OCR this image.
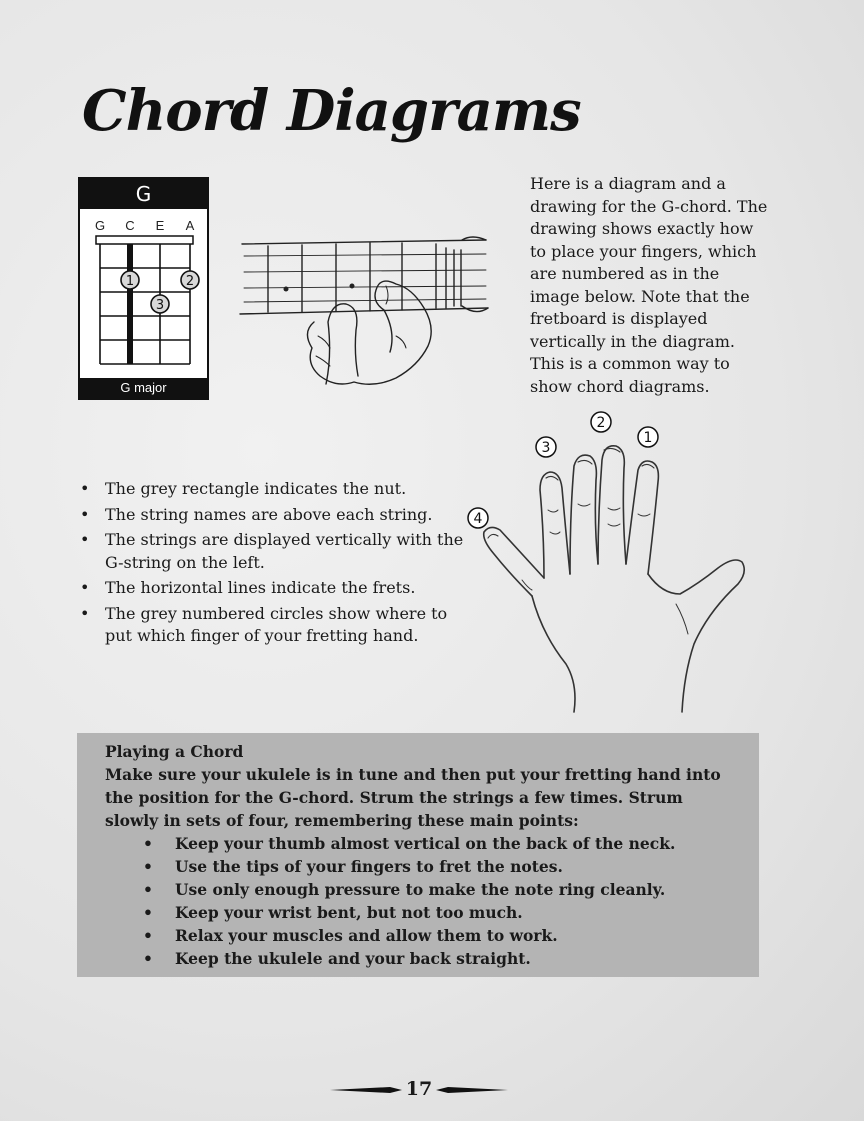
Chord Diagrams
G
G C E A
1	2
3
G major

Here is a diagram and a drawing for the G-chord. The drawing shows exactly how to place your fingers, which are numbered as in the image below. Note that the fretboard is displayed vertically in the diagram. This is a common way to show chord diagrams.

1
2
3
4
• The grey rectangle indicates the nut.
• The string names are above each string.
• The strings are displayed vertically with the G-string on the left.
• The horizontal lines indicate the frets.
• The grey numbered circles show where to put which finger of your fretting hand.

Playing a Chord

Make sure your ukulele is in tune and then put your fretting hand into the position for the G-chord. Strum the strings a few times. Strum slowly in sets of four, remembering these main points:

• Keep your thumb almost vertical on the back of the neck.
• Use the tips of your fingers to fret the notes.
• Use only enough pressure to make the note ring cleanly.
• Keep your wrist bent, but not too much.
• Relax your muscles and allow them to work.
• Keep the ukulele and your back straight.
17
